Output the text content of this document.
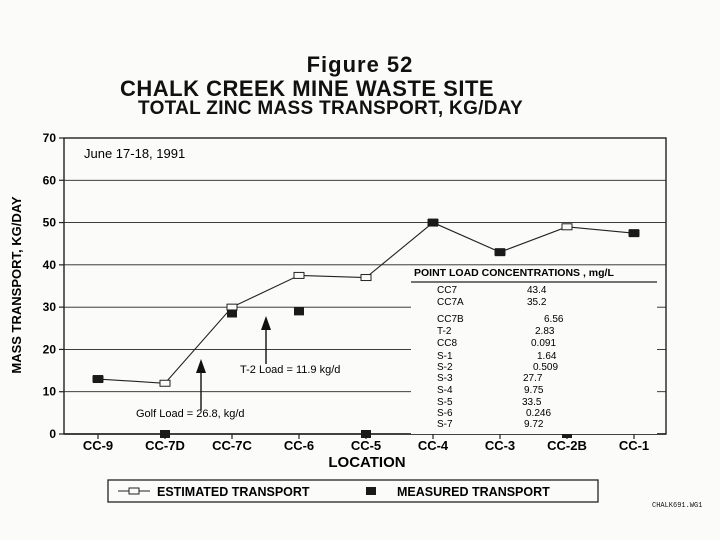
Figure 52
CHALK CREEK MINE WASTE SITE
TOTAL ZINC MASS TRANSPORT, KG/DAY
0
10
20
30
40
50
60
70
CC-9 CC-7D CC-7C CC-6	CC-5	CC-4	CC-3 CC-2B CC-1
LOCATION
MASS TRANSPORT, KG/DAY
June 17-18, 1991
Golf Load = 26.8, kg/d
T-2 Load = 11.9 kg/d
POINT LOAD CONCENTRATIONS , mg/L
CC7	43.4
CC7A	35.2
CC7B	6.56
T-2	2.83
CC8	0.091
S-1	1.64
S-2	0.509
S-3	27.7
S-4	9.75
S-5	33.5
S-6	0.246
S-7	9.72
ESTIMATED TRANSPORT	MEASURED TRANSPORT
CHALK691.WG1
